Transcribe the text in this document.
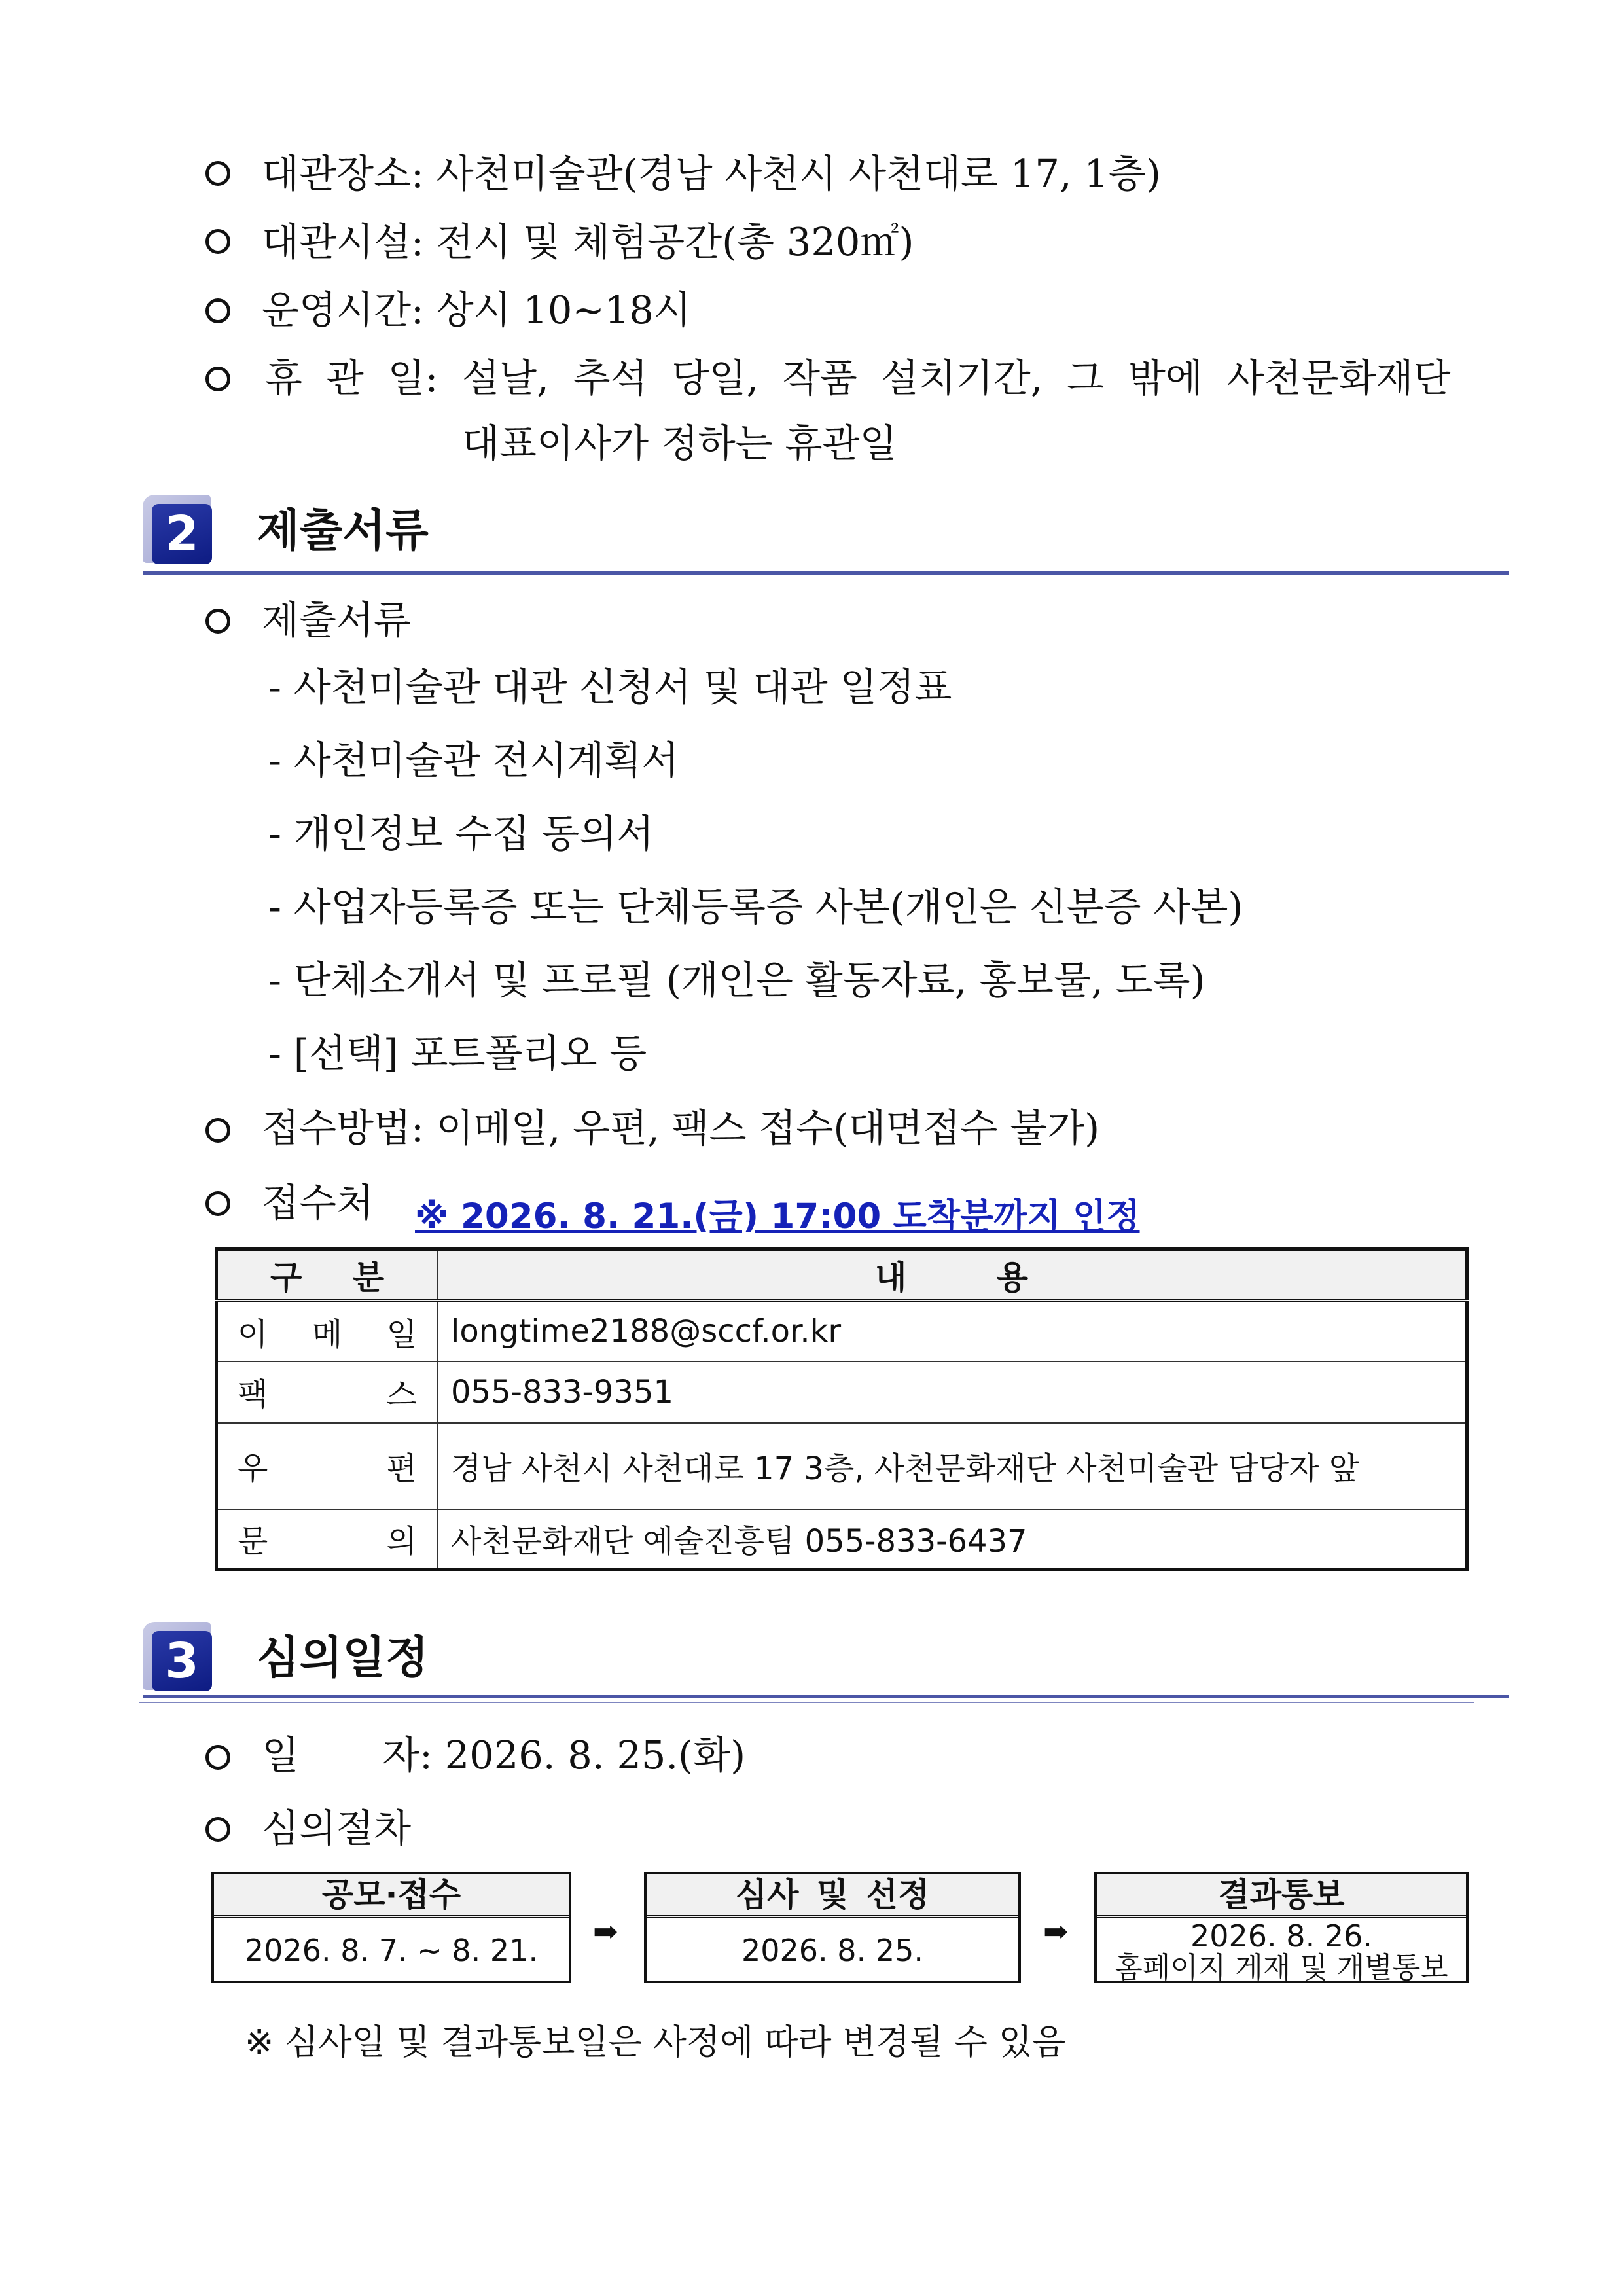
대관장소: 사천미술관(경남 사천시 사천대로 17, 1층)
대관시설: 전시 및 체험공간(총 320㎡)
운영시간: 상시 10~18시
휴 관 일: 설날, 추석 당일, 작품 설치기간, 그 밖에 사천문화재단
대표이사가 정하는 휴관일
2 제출서류
제출서류
- 사천미술관 대관 신청서 및 대관 일정표
- 사천미술관 전시계획서
- 개인정보 수집 동의서
- 사업자등록증 또는 단체등록증 사본(개인은 신분증 사본)
- 단체소개서 및 프로필 (개인은 활동자료, 홍보물, 도록)
- [선택] 포트폴리오 등
접수방법: 이메일, 우편, 팩스 접수(대면접수 불가)
접수처 ※ 2026. 8. 21.(금) 17:00 도착분까지 인정
구 분	내 용

이 메 일	longtime2188@sccf.or.kr

팩 스	055-833-9351

우 편	경남 사천시 사천대로 17 3층, 사천문화재단 사천미술관 담당자 앞

문 의	사천문화재단 예술진흥팀 055-833-6437
3 심의일정
일 자: 2026. 8. 25.(화)
심의절차
공모·접수
2026. 8. 7. ~ 8. 21.
➡
심사 및 선정
2026. 8. 25.
➡
결과통보
2026. 8. 26.
홈페이지 게재 및 개별통보
※ 심사일 및 결과통보일은 사정에 따라 변경될 수 있음
